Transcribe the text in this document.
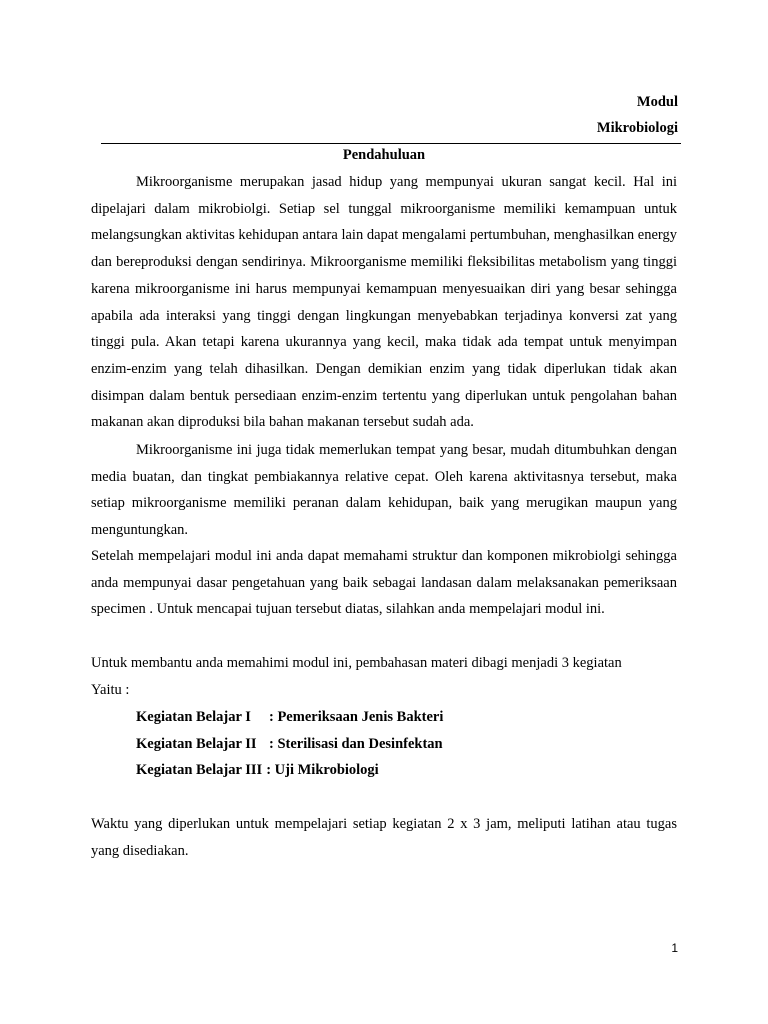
Modul
Mikrobiologi
Pendahuluan

Mikroorganisme merupakan jasad hidup yang mempunyai ukuran sangat kecil. Hal ini dipelajari dalam mikrobiolgi. Setiap sel tunggal mikroorganisme memiliki kemampuan untuk melangsungkan aktivitas kehidupan antara lain dapat mengalami pertumbuhan, menghasilkan energy dan bereproduksi dengan sendirinya. Mikroorganisme memiliki fleksibilitas metabolism yang tinggi karena mikroorganisme ini harus mempunyai kemampuan menyesuaikan diri yang besar sehingga apabila ada interaksi yang tinggi dengan lingkungan menyebabkan terjadinya konversi zat yang tinggi pula. Akan tetapi karena ukurannya yang kecil, maka tidak ada tempat untuk menyimpan enzim-enzim yang telah dihasilkan. Dengan demikian enzim yang tidak diperlukan tidak akan disimpan dalam bentuk persediaan enzim-enzim tertentu yang diperlukan untuk pengolahan bahan makanan akan diproduksi bila bahan makanan tersebut sudah ada.

Mikroorganisme ini juga tidak memerlukan tempat yang besar, mudah ditumbuhkan dengan media buatan, dan tingkat pembiakannya relative cepat. Oleh karena aktivitasnya tersebut, maka setiap mikroorganisme memiliki peranan dalam kehidupan, baik yang merugikan maupun yang menguntungkan.

Setelah mempelajari modul ini anda dapat memahami struktur dan komponen mikrobiolgi sehingga anda mempunyai dasar pengetahuan yang baik sebagai landasan dalam melaksanakan pemeriksaan specimen . Untuk mencapai tujuan tersebut diatas, silahkan anda mempelajari modul ini.

Untuk membantu anda memahimi modul ini, pembahasan materi dibagi menjadi 3 kegiatan

Yaitu :

Kegiatan Belajar I	: Pemeriksaan Jenis Bakteri
Kegiatan Belajar II : Sterilisasi dan Desinfektan
Kegiatan Belajar III : Uji Mikrobiologi

Waktu yang diperlukan untuk mempelajari setiap kegiatan 2 x 3 jam, meliputi latihan atau tugas yang disediakan.

1
